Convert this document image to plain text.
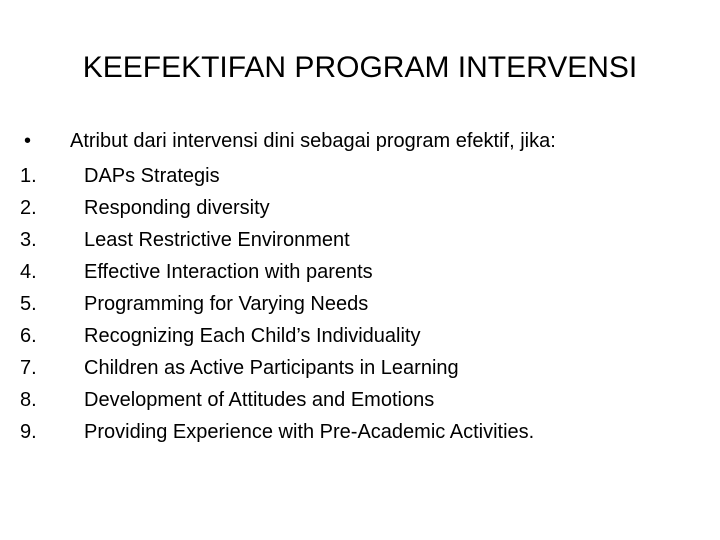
KEEFEKTIFAN PROGRAM INTERVENSI
• Atribut dari intervensi dini sebagai program efektif, jika:
1. DAPs Strategis
2. Responding diversity
3. Least Restrictive Environment
4. Effective Interaction with parents
5. Programming for Varying Needs
6. Recognizing Each Child’s Individuality
7. Children as Active Participants in Learning
8. Development of Attitudes and Emotions
9. Providing Experience with Pre-Academic Activities.
